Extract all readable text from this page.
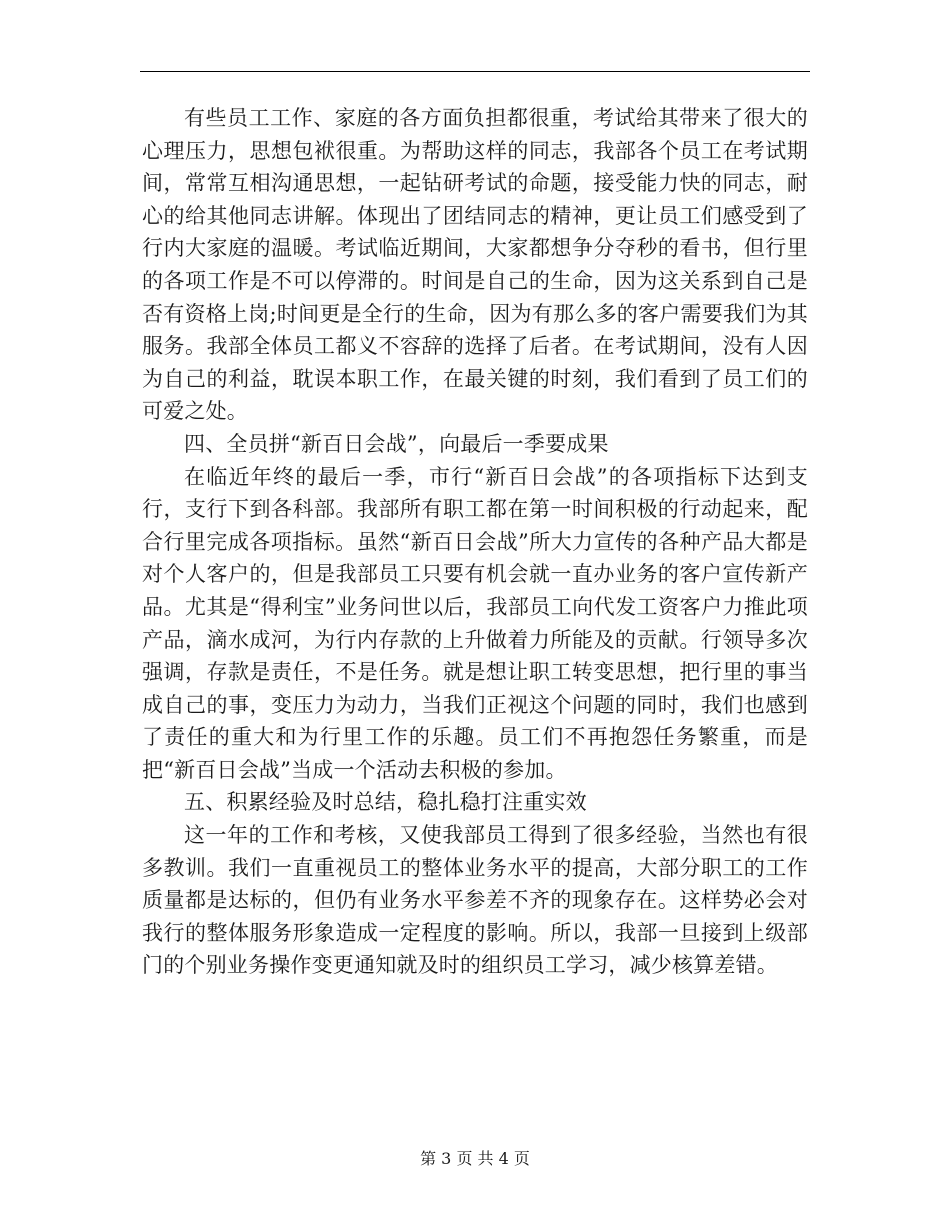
有些员工工作、家庭的各方面负担都很重，考试给其带来了很大的心理压力，思想包袱很重。为帮助这样的同志，我部各个员工在考试期间，常常互相沟通思想，一起钻研考试的命题，接受能力快的同志，耐心的给其他同志讲解。体现出了团结同志的精神，更让员工们感受到了行内大家庭的温暖。考试临近期间，大家都想争分夺秒的看书，但行里的各项工作是不可以停滞的。时间是自己的生命，因为这关系到自己是否有资格上岗;时间更是全行的生命，因为有那么多的客户需要我们为其服务。我部全体员工都义不容辞的选择了后者。在考试期间，没有人因为自己的利益，耽误本职工作，在最关键的时刻，我们看到了员工们的可爱之处。

四、全员拼“新百日会战”，向最后一季要成果

在临近年终的最后一季，市行“新百日会战”的各项指标下达到支行，支行下到各科部。我部所有职工都在第一时间积极的行动起来，配合行里完成各项指标。虽然“新百日会战”所大力宣传的各种产品大都是对个人客户的，但是我部员工只要有机会就一直办业务的客户宣传新产品。尤其是“得利宝”业务问世以后，我部员工向代发工资客户力推此项产品，滴水成河，为行内存款的上升做着力所能及的贡献。行领导多次强调，存款是责任，不是任务。就是想让职工转变思想，把行里的事当成自己的事，变压力为动力，当我们正视这个问题的同时，我们也感到了责任的重大和为行里工作的乐趣。员工们不再抱怨任务繁重，而是把“新百日会战”当成一个活动去积极的参加。

五、积累经验及时总结，稳扎稳打注重实效

这一年的工作和考核，又使我部员工得到了很多经验，当然也有很多教训。我们一直重视员工的整体业务水平的提高，大部分职工的工作质量都是达标的，但仍有业务水平参差不齐的现象存在。这样势必会对我行的整体服务形象造成一定程度的影响。所以，我部一旦接到上级部门的个别业务操作变更通知就及时的组织员工学习，减少核算差错。

第 3 页 共 4 页
